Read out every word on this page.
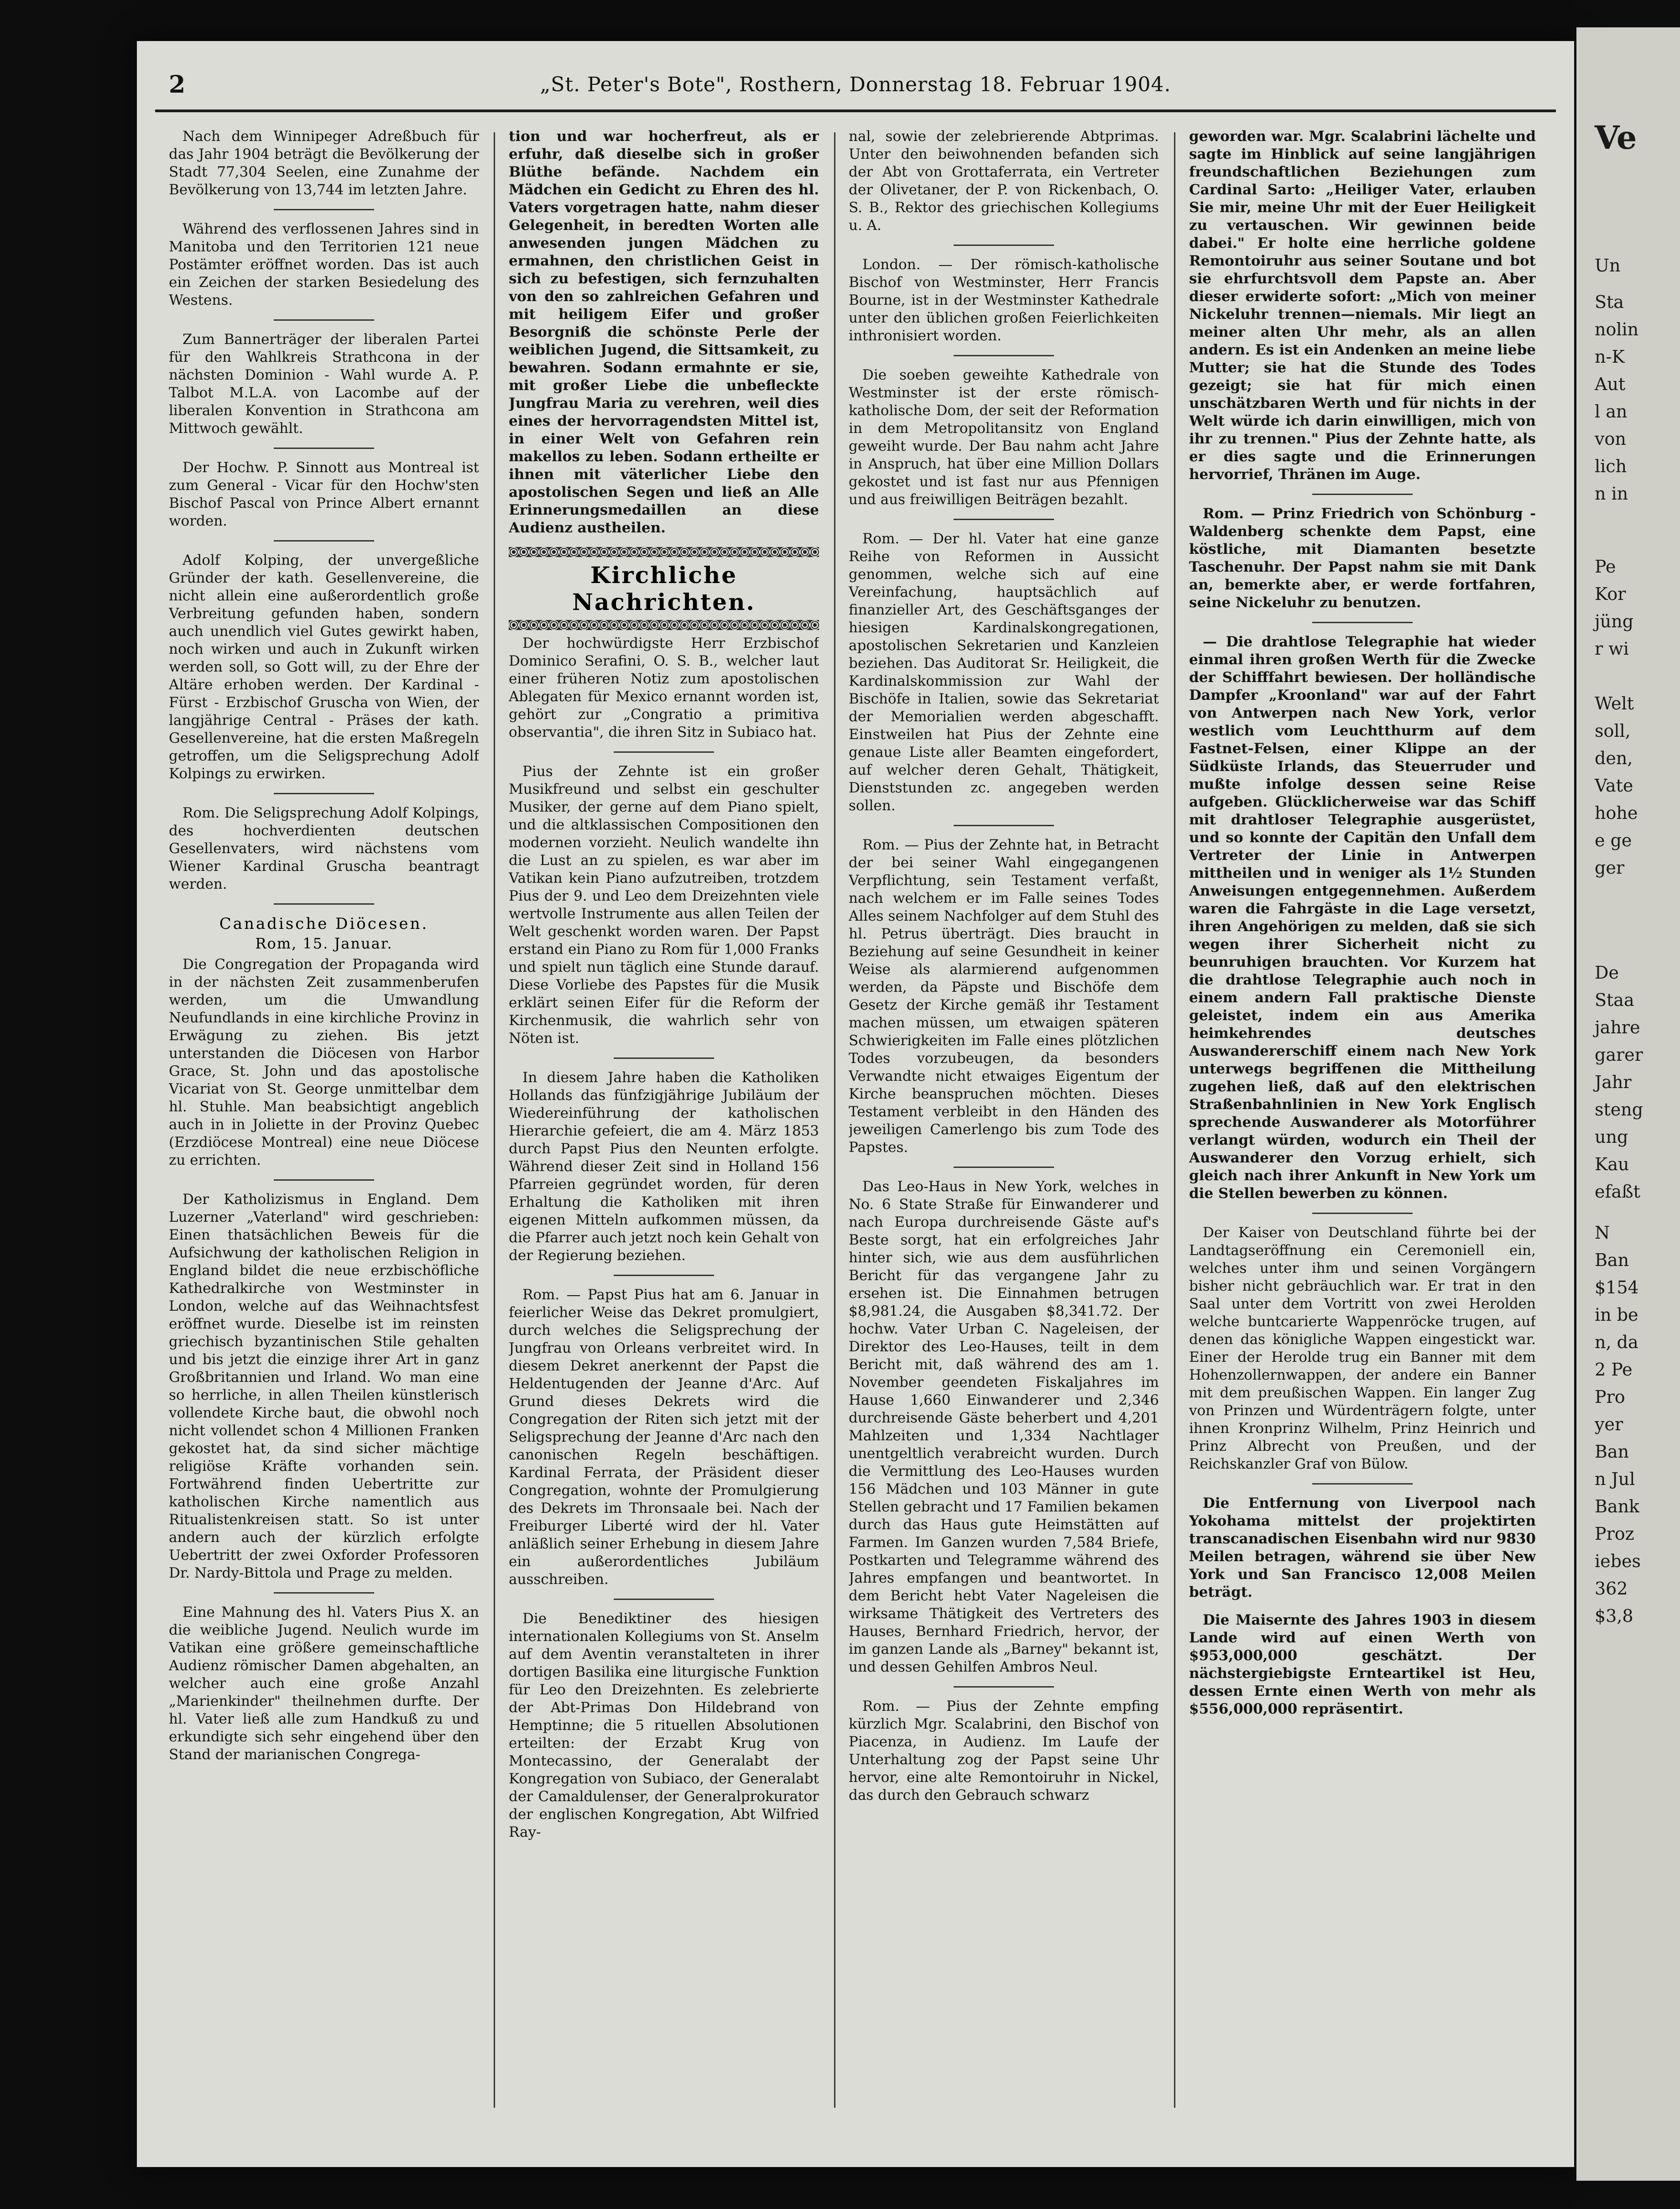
2	„St. Peter's Bote", Rosthern, Donnerstag 18. Februar 1904.

Nach dem Winnipeger Adreßbuch für das Jahr 1904 beträgt die Bevölkerung der Stadt 77,304 Seelen, eine Zunahme der Bevölkerung von 13,744 im letzten Jahre.

Während des verflossenen Jahres sind in Manitoba und den Territorien 121 neue Postämter eröffnet worden. Das ist auch ein Zeichen der starken Besiedelung des Westens.

Zum Bannerträger der liberalen Partei für den Wahlkreis Strathcona in der nächsten Dominion - Wahl wurde A. P. Talbot M.L.A. von Lacombe auf der liberalen Konvention in Strathcona am Mittwoch gewählt.

Der Hochw. P. Sinnott aus Montreal ist zum General - Vicar für den Hochw'sten Bischof Pascal von Prince Albert ernannt worden.

Adolf Kolping, der unvergeßliche Gründer der kath. Gesellenvereine, die nicht allein eine außerordentlich große Verbreitung gefunden haben, sondern auch unendlich viel Gutes gewirkt haben, noch wirken und auch in Zukunft wirken werden soll, so Gott will, zu der Ehre der Altäre erhoben werden. Der Kardinal - Fürst - Erzbischof Gruscha von Wien, der langjährige Central - Präses der kath. Gesellenvereine, hat die ersten Maßregeln getroffen, um die Seligsprechung Adolf Kolpings zu erwirken.

Rom. Die Seligsprechung Adolf Kolpings, des hochverdienten deutschen Gesellenvaters, wird nächstens vom Wiener Kardinal Gruscha beantragt werden.

Canadische Diöcesen.
Rom, 15. Januar.

Die Congregation der Propaganda wird in der nächsten Zeit zusammenberufen werden, um die Umwandlung Neufundlands in eine kirchliche Provinz in Erwägung zu ziehen. Bis jetzt unterstanden die Diöcesen von Harbor Grace, St. John und das apostolische Vicariat von St. George unmittelbar dem hl. Stuhle. Man beabsichtigt angeblich auch in in Joliette in der Provinz Quebec (Erzdiöcese Montreal) eine neue Diöcese zu errichten.

Der Katholizismus in England. Dem Luzerner „Vaterland" wird geschrieben: Einen thatsächlichen Beweis für die Aufsichwung der katholischen Religion in England bildet die neue erzbischöfliche Kathedralkirche von Westminster in London, welche auf das Weihnachtsfest eröffnet wurde. Dieselbe ist im reinsten griechisch byzantinischen Stile gehalten und bis jetzt die einzige ihrer Art in ganz Großbritannien und Irland. Wo man eine so herrliche, in allen Theilen künstlerisch vollendete Kirche baut, die obwohl noch nicht vollendet schon 4 Millionen Franken gekostet hat, da sind sicher mächtige religiöse Kräfte vorhanden sein. Fortwährend finden Uebertritte zur katholischen Kirche namentlich aus Ritualistenkreisen statt. So ist unter andern auch der kürzlich erfolgte Uebertritt der zwei Oxforder Professoren Dr. Nardy-Bittola und Prage zu melden.

Eine Mahnung des hl. Vaters Pius X. an die weibliche Jugend. Neulich wurde im Vatikan eine größere gemeinschaftliche Audienz römischer Damen abgehalten, an welcher auch eine große Anzahl „Marienkinder" theilnehmen durfte. Der hl. Vater ließ alle zum Handkuß zu und erkundigte sich sehr eingehend über den Stand der marianischen Congrega-

tion und war hocherfreut, als er erfuhr, daß dieselbe sich in großer Blüthe befände. Nachdem ein Mädchen ein Gedicht zu Ehren des hl. Vaters vorgetragen hatte, nahm dieser Gelegenheit, in beredten Worten alle anwesenden jungen Mädchen zu ermahnen, den christlichen Geist in sich zu befestigen, sich fernzuhalten von den so zahlreichen Gefahren und mit heiligem Eifer und großer Besorgniß die schönste Perle der weiblichen Jugend, die Sittsamkeit, zu bewahren. Sodann ermahnte er sie, mit großer Liebe die unbefleckte Jungfrau Maria zu verehren, weil dies eines der hervorragendsten Mittel ist, in einer Welt von Gefahren rein makellos zu leben. Sodann ertheilte er ihnen mit väterlicher Liebe den apostolischen Segen und ließ an Alle Erinnerungsmedaillen an diese Audienz austheilen.

Kirchliche Nachrichten.

Der hochwürdigste Herr Erzbischof Dominico Serafini, O. S. B., welcher laut einer früheren Notiz zum apostolischen Ablegaten für Mexico ernannt worden ist, gehört zur „Congratio a primitiva observantia", die ihren Sitz in Subiaco hat.

Pius der Zehnte ist ein großer Musikfreund und selbst ein geschulter Musiker, der gerne auf dem Piano spielt, und die altklassischen Compositionen den modernen vorzieht. Neulich wandelte ihn die Lust an zu spielen, es war aber im Vatikan kein Piano aufzutreiben, trotzdem Pius der 9. und Leo dem Dreizehnten viele wertvolle Instrumente aus allen Teilen der Welt geschenkt worden waren. Der Papst erstand ein Piano zu Rom für 1,000 Franks und spielt nun täglich eine Stunde darauf. Diese Vorliebe des Papstes für die Musik erklärt seinen Eifer für die Reform der Kirchenmusik, die wahrlich sehr von Nöten ist.

In diesem Jahre haben die Katholiken Hollands das fünfzigjährige Jubiläum der Wiedereinführung der katholischen Hierarchie gefeiert, die am 4. März 1853 durch Papst Pius den Neunten erfolgte. Während dieser Zeit sind in Holland 156 Pfarreien gegründet worden, für deren Erhaltung die Katholiken mit ihren eigenen Mitteln aufkommen müssen, da die Pfarrer auch jetzt noch kein Gehalt von der Regierung beziehen.

Rom. — Papst Pius hat am 6. Januar in feierlicher Weise das Dekret promulgiert, durch welches die Seligsprechung der Jungfrau von Orleans verbreitet wird. In diesem Dekret anerkennt der Papst die Heldentugenden der Jeanne d'Arc. Auf Grund dieses Dekrets wird die Congregation der Riten sich jetzt mit der Seligsprechung der Jeanne d'Arc nach den canonischen Regeln beschäftigen. Kardinal Ferrata, der Präsident dieser Congregation, wohnte der Promulgierung des Dekrets im Thronsaale bei. Nach der Freiburger Liberté wird der hl. Vater anläßlich seiner Erhebung in diesem Jahre ein außerordentliches Jubiläum ausschreiben.

Die Benediktiner des hiesigen internationalen Kollegiums von St. Anselm auf dem Aventin veranstalteten in ihrer dortigen Basilika eine liturgische Funktion für Leo den Dreizehnten. Es zelebrierte der Abt-Primas Don Hildebrand von Hemptinne; die 5 rituellen Absolutionen erteilten: der Erzabt Krug von Montecassino, der Generalabt der Kongregation von Subiaco, der Generalabt der Camaldulenser, der Generalprokurator der englischen Kongregation, Abt Wilfried Ray-

nal, sowie der zelebrierende Abtprimas. Unter den beiwohnenden befanden sich der Abt von Grottaferrata, ein Vertreter der Olivetaner, der P. von Rickenbach, O. S. B., Rektor des griechischen Kollegiums u. A.

London. — Der römisch-katholische Bischof von Westminster, Herr Francis Bourne, ist in der Westminster Kathedrale unter den üblichen großen Feierlichkeiten inthronisiert worden.

Die soeben geweihte Kathedrale von Westminster ist der erste römisch-katholische Dom, der seit der Reformation in dem Metropolitansitz von England geweiht wurde. Der Bau nahm acht Jahre in Anspruch, hat über eine Million Dollars gekostet und ist fast nur aus Pfennigen und aus freiwilligen Beiträgen bezahlt.

Rom. — Der hl. Vater hat eine ganze Reihe von Reformen in Aussicht genommen, welche sich auf eine Vereinfachung, hauptsächlich auf finanzieller Art, des Geschäftsganges der hiesigen Kardinalskongregationen, apostolischen Sekretarien und Kanzleien beziehen. Das Auditorat Sr. Heiligkeit, die Kardinalskommission zur Wahl der Bischöfe in Italien, sowie das Sekretariat der Memorialien werden abgeschafft. Einstweilen hat Pius der Zehnte eine genaue Liste aller Beamten eingefordert, auf welcher deren Gehalt, Thätigkeit, Dienststunden zc. angegeben werden sollen.

Rom. — Pius der Zehnte hat, in Betracht der bei seiner Wahl eingegangenen Verpflichtung, sein Testament verfaßt, nach welchem er im Falle seines Todes Alles seinem Nachfolger auf dem Stuhl des hl. Petrus überträgt. Dies braucht in Beziehung auf seine Gesundheit in keiner Weise als alarmierend aufgenommen werden, da Päpste und Bischöfe dem Gesetz der Kirche gemäß ihr Testament machen müssen, um etwaigen späteren Schwierigkeiten im Falle eines plötzlichen Todes vorzubeugen, da besonders Verwandte nicht etwaiges Eigentum der Kirche beanspruchen möchten. Dieses Testament verbleibt in den Händen des jeweiligen Camerlengo bis zum Tode des Papstes.

Das Leo-Haus in New York, welches in No. 6 State Straße für Einwanderer und nach Europa durchreisende Gäste auf's Beste sorgt, hat ein erfolgreiches Jahr hinter sich, wie aus dem ausführlichen Bericht für das vergangene Jahr zu ersehen ist. Die Einnahmen betrugen $8,981.24, die Ausgaben $8,341.72. Der hochw. Vater Urban C. Nageleisen, der Direktor des Leo-Hauses, teilt in dem Bericht mit, daß während des am 1. November geendeten Fiskaljahres im Hause 1,660 Einwanderer und 2,346 durchreisende Gäste beherbert und 4,201 Mahlzeiten und 1,334 Nachtlager unentgeltlich verabreicht wurden. Durch die Vermittlung des Leo-Hauses wurden 156 Mädchen und 103 Männer in gute Stellen gebracht und 17 Familien bekamen durch das Haus gute Heimstätten auf Farmen. Im Ganzen wurden 7,584 Briefe, Postkarten und Telegramme während des Jahres empfangen und beantwortet. In dem Bericht hebt Vater Nageleisen die wirksame Thätigkeit des Vertreters des Hauses, Bernhard Friedrich, hervor, der im ganzen Lande als „Barney" bekannt ist, und dessen Gehilfen Ambros Neul.

Rom. — Pius der Zehnte empfing kürzlich Mgr. Scalabrini, den Bischof von Piacenza, in Audienz. Im Laufe der Unterhaltung zog der Papst seine Uhr hervor, eine alte Remontoiruhr in Nickel, das durch den Gebrauch schwarz

geworden war. Mgr. Scalabrini lächelte und sagte im Hinblick auf seine langjährigen freundschaftlichen Beziehungen zum Cardinal Sarto: „Heiliger Vater, erlauben Sie mir, meine Uhr mit der Euer Heiligkeit zu vertauschen. Wir gewinnen beide dabei." Er holte eine herrliche goldene Remontoiruhr aus seiner Soutane und bot sie ehrfurchtsvoll dem Papste an. Aber dieser erwiderte sofort: „Mich von meiner Nickeluhr trennen—niemals. Mir liegt an meiner alten Uhr mehr, als an allen andern. Es ist ein Andenken an meine liebe Mutter; sie hat die Stunde des Todes gezeigt; sie hat für mich einen unschätzbaren Werth und für nichts in der Welt würde ich darin einwilligen, mich von ihr zu trennen." Pius der Zehnte hatte, als er dies sagte und die Erinnerungen hervorrief, Thränen im Auge.

Rom. — Prinz Friedrich von Schönburg - Waldenberg schenkte dem Papst, eine köstliche, mit Diamanten besetzte Taschenuhr. Der Papst nahm sie mit Dank an, bemerkte aber, er werde fortfahren, seine Nickeluhr zu benutzen.

— Die drahtlose Telegraphie hat wieder einmal ihren großen Werth für die Zwecke der Schifffahrt bewiesen. Der holländische Dampfer „Kroonland" war auf der Fahrt von Antwerpen nach New York, verlor westlich vom Leuchtthurm auf dem Fastnet-Felsen, einer Klippe an der Südküste Irlands, das Steuerruder und mußte infolge dessen seine Reise aufgeben. Glücklicherweise war das Schiff mit drahtloser Telegraphie ausgerüstet, und so konnte der Capitän den Unfall dem Vertreter der Linie in Antwerpen mittheilen und in weniger als 1½ Stunden Anweisungen entgegennehmen. Außerdem waren die Fahrgäste in die Lage versetzt, ihren Angehörigen zu melden, daß sie sich wegen ihrer Sicherheit nicht zu beunruhigen brauchten. Vor Kurzem hat die drahtlose Telegraphie auch noch in einem andern Fall praktische Dienste geleistet, indem ein aus Amerika heimkehrendes deutsches Auswandererschiff einem nach New York unterwegs begriffenen die Mittheilung zugehen ließ, daß auf den elektrischen Straßenbahnlinien in New York Englisch sprechende Auswanderer als Motorführer verlangt würden, wodurch ein Theil der Auswanderer den Vorzug erhielt, sich gleich nach ihrer Ankunft in New York um die Stellen bewerben zu können.

Der Kaiser von Deutschland führte bei der Landtagseröffnung ein Ceremoniell ein, welches unter ihm und seinen Vorgängern bisher nicht gebräuchlich war. Er trat in den Saal unter dem Vortritt von zwei Herolden welche buntcarierte Wappenröcke trugen, auf denen das königliche Wappen eingestickt war. Einer der Herolde trug ein Banner mit dem Hohenzollernwappen, der andere ein Banner mit dem preußischen Wappen. Ein langer Zug von Prinzen und Würdenträgern folgte, unter ihnen Kronprinz Wilhelm, Prinz Heinrich und Prinz Albrecht von Preußen, und der Reichskanzler Graf von Bülow.

Die Entfernung von Liverpool nach Yokohama mittelst der projektirten transcanadischen Eisenbahn wird nur 9830 Meilen betragen, während sie über New York und San Francisco 12,008 Meilen beträgt.

Die Maisernte des Jahres 1903 in diesem Lande wird auf einen Werth von $953,000,000 geschätzt. Der nächstergiebigste Ernteartikel ist Heu, dessen Ernte einen Werth von mehr als $556,000,000 repräsentirt.

Ve
Un
Sta
nolin
n-K
Aut
l an
von
lich
n in
Pe
Kor
jüng
r wi
Welt
soll,
den,
Vate
hohe
e ge
ger
De
Staa
jahre
garer
Jahr
steng
ung
Kau
efaßt
N
Ban
$154
in be
n, da
2 Pe
Pro
yer
Ban
n Jul
Bank
Proz
iebes
362
$3,8
